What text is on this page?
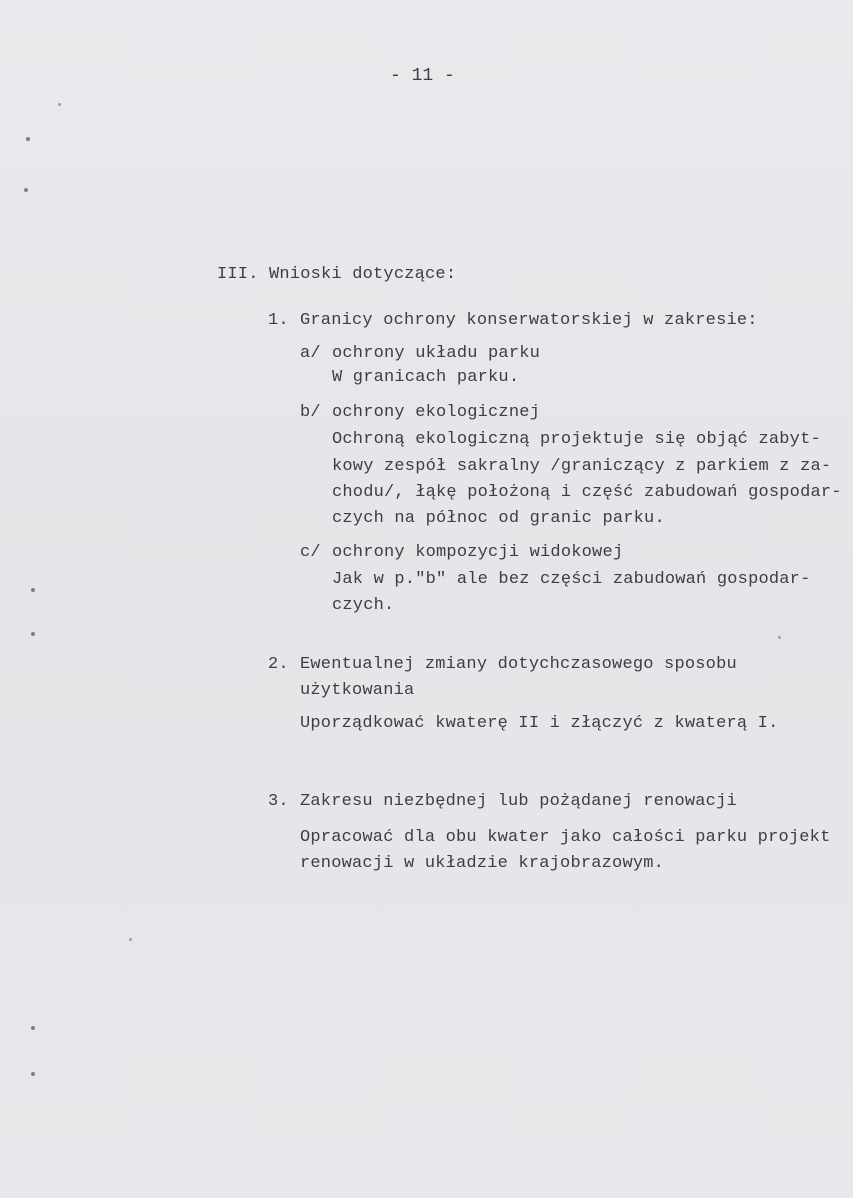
- 11 -
III. Wnioski dotyczące:
1. Granicy ochrony konserwatorskiej w zakresie:
a/ ochrony układu parku
W granicach parku.
b/ ochrony ekologicznej
Ochroną ekologiczną projektuje się objąć zabyt-
kowy zespół sakralny /graniczący z parkiem z za-
chodu/, łąkę położoną i część zabudowań gospodar-
czych na północ od granic parku.
c/ ochrony kompozycji widokowej
Jak w p."b" ale bez części zabudowań gospodar-
czych.
2. Ewentualnej zmiany dotychczasowego sposobu
użytkowania
Uporządkować kwaterę II i złączyć z kwaterą I.
3. Zakresu niezbędnej lub pożądanej renowacji
Opracować dla obu kwater jako całości parku projekt
renowacji w układzie krajobrazowym.
